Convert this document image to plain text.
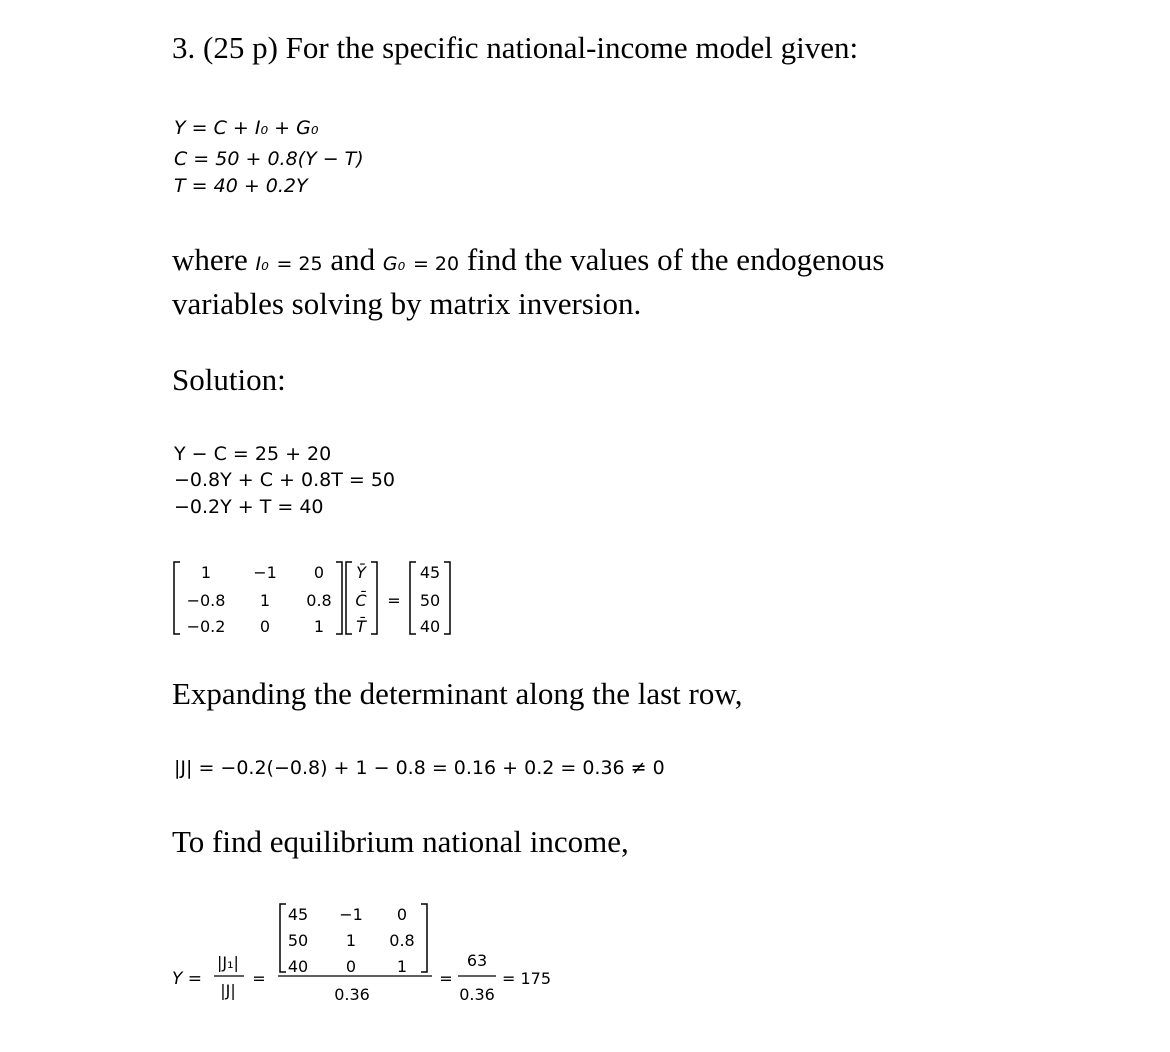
3. (25 p) For the specific national-income model given:
Y = C + I₀ + G₀
C = 50 + 0.8(Y − T)
T = 40 + 0.2Y
where I₀ = 25 and G₀ = 20 find the values of the endogenous
variables solving by matrix inversion.
Solution:
Y − C = 25 + 20
−0.8Y + C + 0.8T = 50
−0.2Y + T = 40
1	−1 0
−0.8 1 0.8
−0.2 0	1
Ȳ
C̄
T̄
=
45
50
40
Expanding the determinant along the last row,
|J| = −0.2(−0.8) + 1 − 0.8 = 0.16 + 0.2 = 0.36 ≠ 0
To find equilibrium national income,
Y =
|J₁|
|J|
=
45 −1 0
50 1 0.8
40 0	1
0.36
=
63
0.36
= 175
